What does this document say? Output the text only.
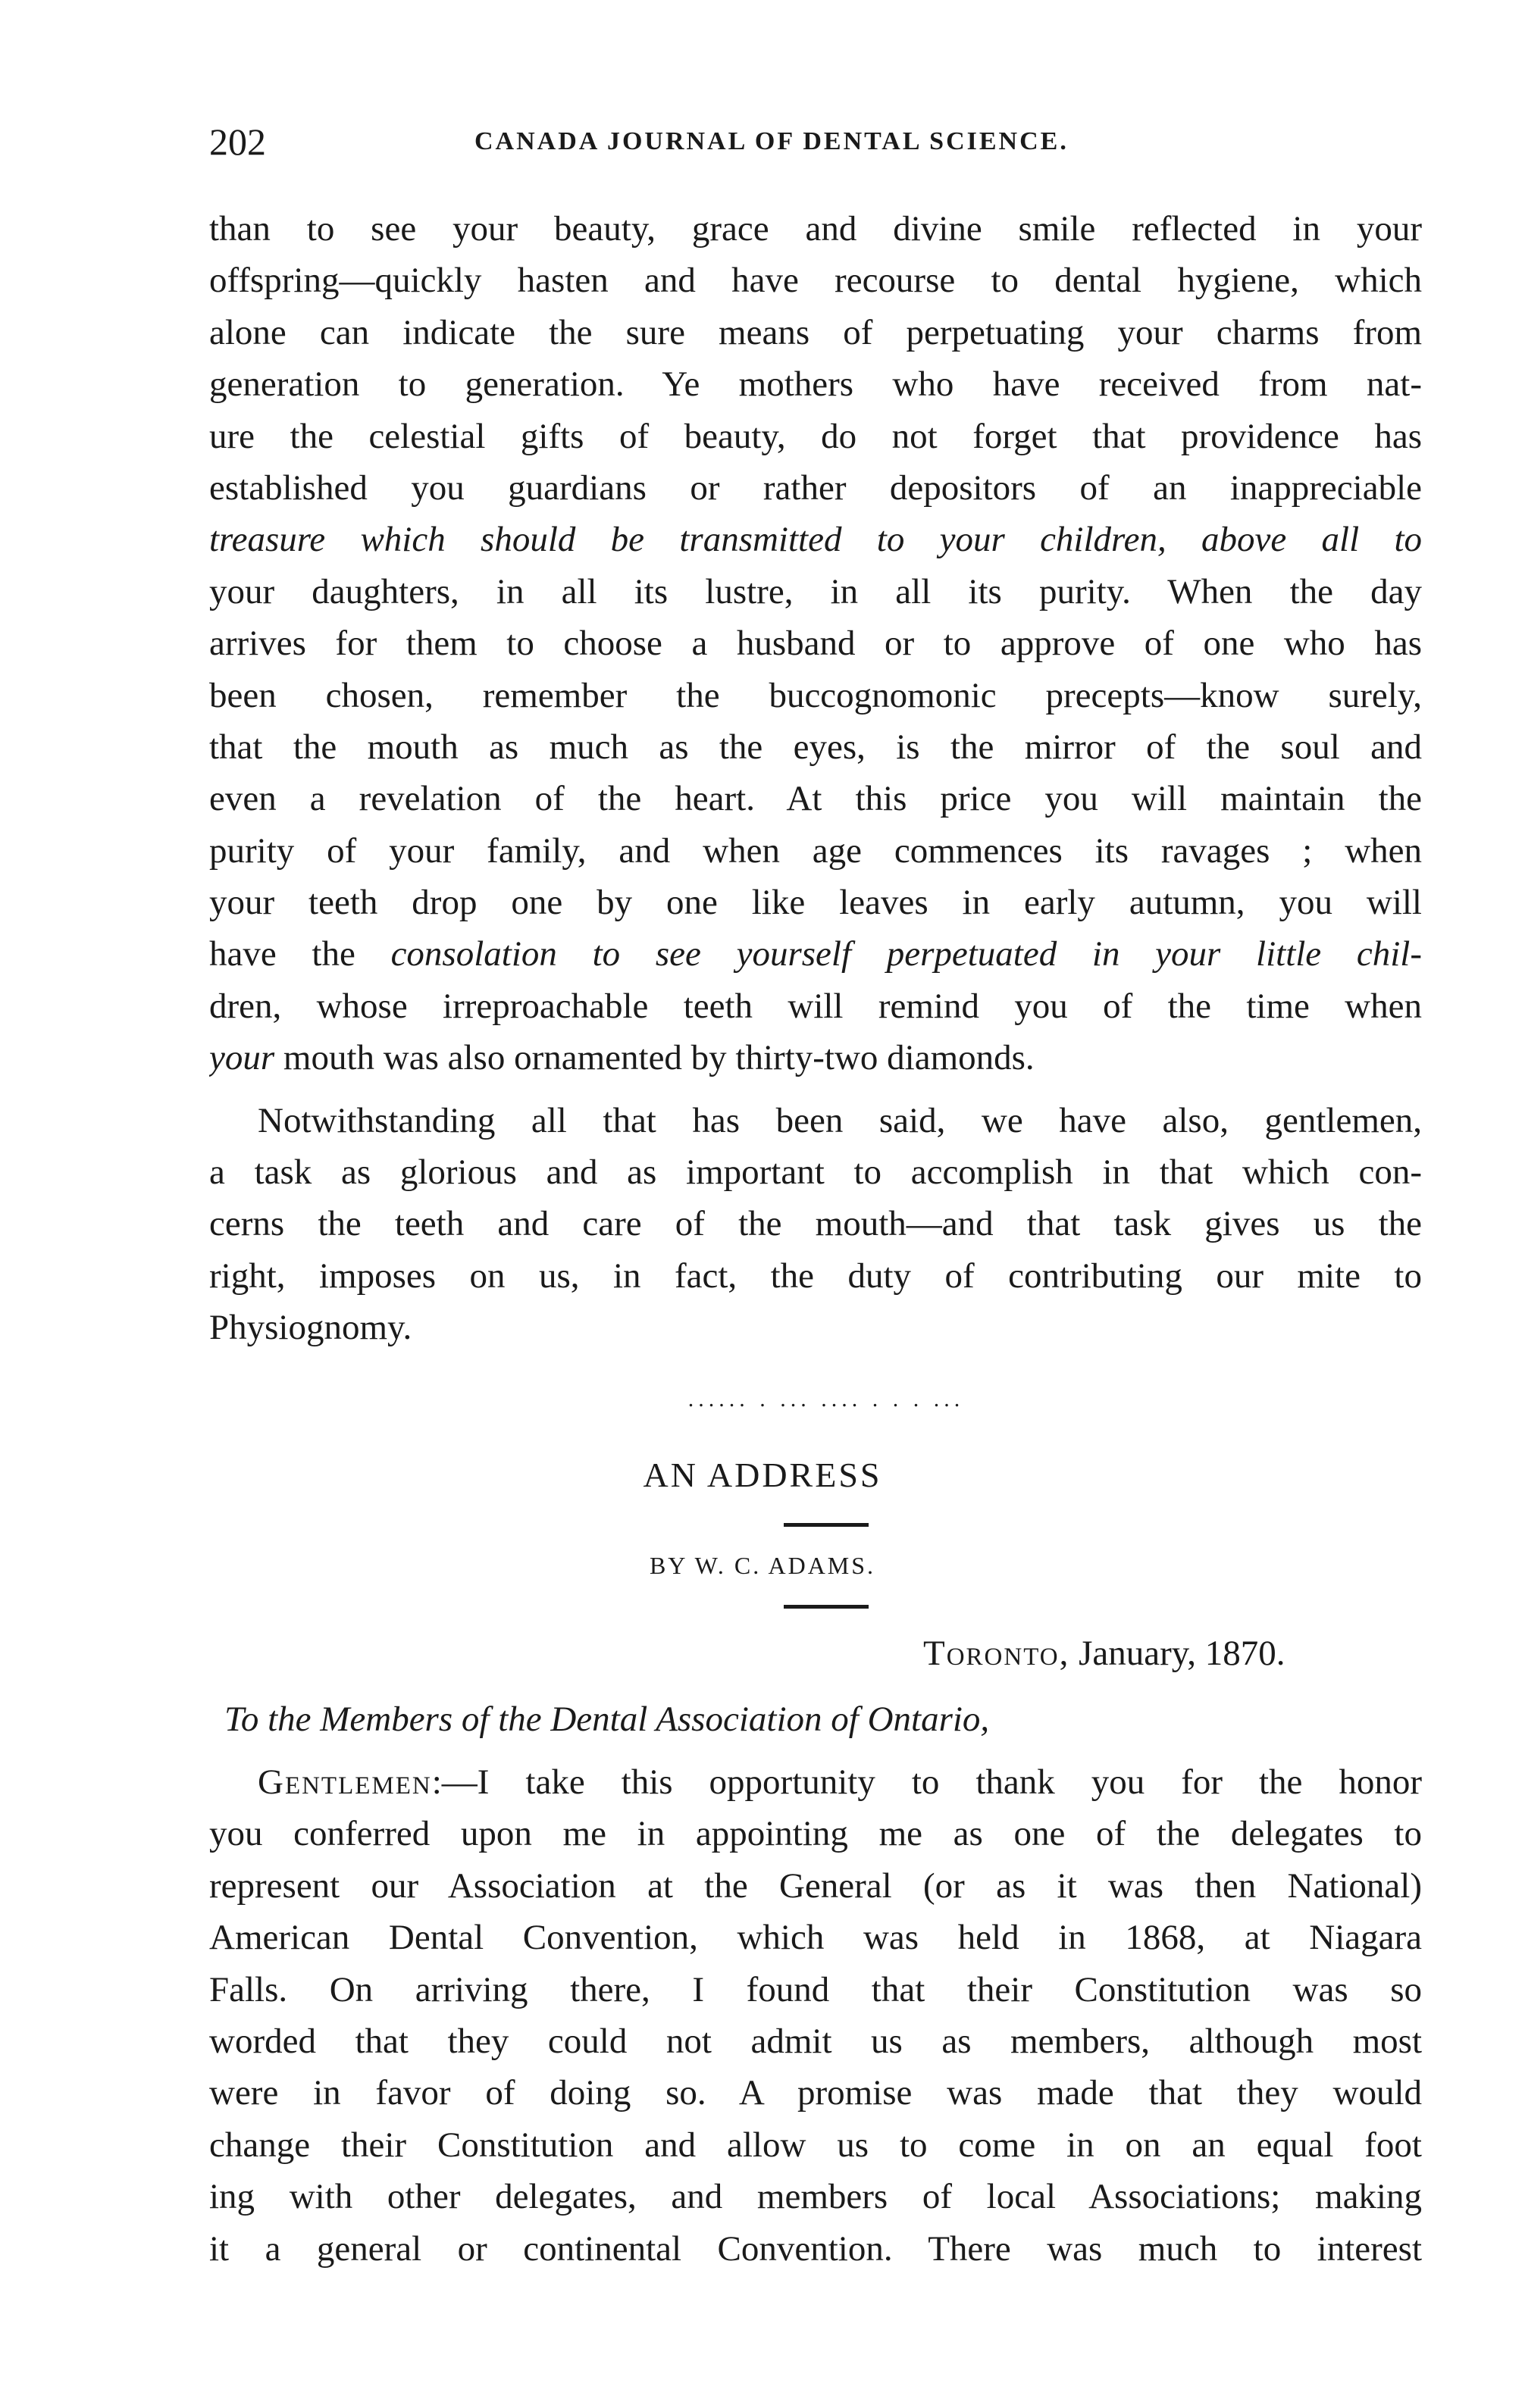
202	CANADA JOURNAL OF DENTAL SCIENCE.
than to see your beauty, grace and divine smile reflected in your
offspring—quickly hasten and have recourse to dental hygiene, which
alone can indicate the sure means of perpetuating your charms from
generation to generation. Ye mothers who have received from nat-
ure the celestial gifts of beauty, do not forget that providence has
established you guardians or rather depositors of an inappreciable
treasure which should be transmitted to your children, above all to
your daughters, in all its lustre, in all its purity. When the day
arrives for them to choose a husband or to approve of one who has
been chosen, remember the buccognomonic precepts—know surely,
that the mouth as much as the eyes, is the mirror of the soul and
even a revelation of the heart. At this price you will maintain the
purity of your family, and when age commences its ravages ; when
your teeth drop one by one like leaves in early autumn, you will
have the consolation to see yourself perpetuated in your little chil-
dren, whose irreproachable teeth will remind you of the time when
your mouth was also ornamented by thirty-two diamonds.
Notwithstanding all that has been said, we have also, gentlemen,
a task as glorious and as important to accomplish in that which con-
cerns the teeth and care of the mouth—and that task gives us the
right, imposes on us, in fact, the duty of contributing our mite to
Physiognomy.
...... . ... .... . . . ...
AN ADDRESS
BY W. C. ADAMS.
Toronto, January, 1870.
To the Members of the Dental Association of Ontario,
Gentlemen:—I take this opportunity to thank you for the honor
you conferred upon me in appointing me as one of the delegates to
represent our Association at the General (or as it was then National)
American Dental Convention, which was held in 1868, at Niagara
Falls. On arriving there, I found that their Constitution was so
worded that they could not admit us as members, although most
were in favor of doing so. A promise was made that they would
change their Constitution and allow us to come in on an equal foot
ing with other delegates, and members of local Associations; making
it a general or continental Convention. There was much to interest
